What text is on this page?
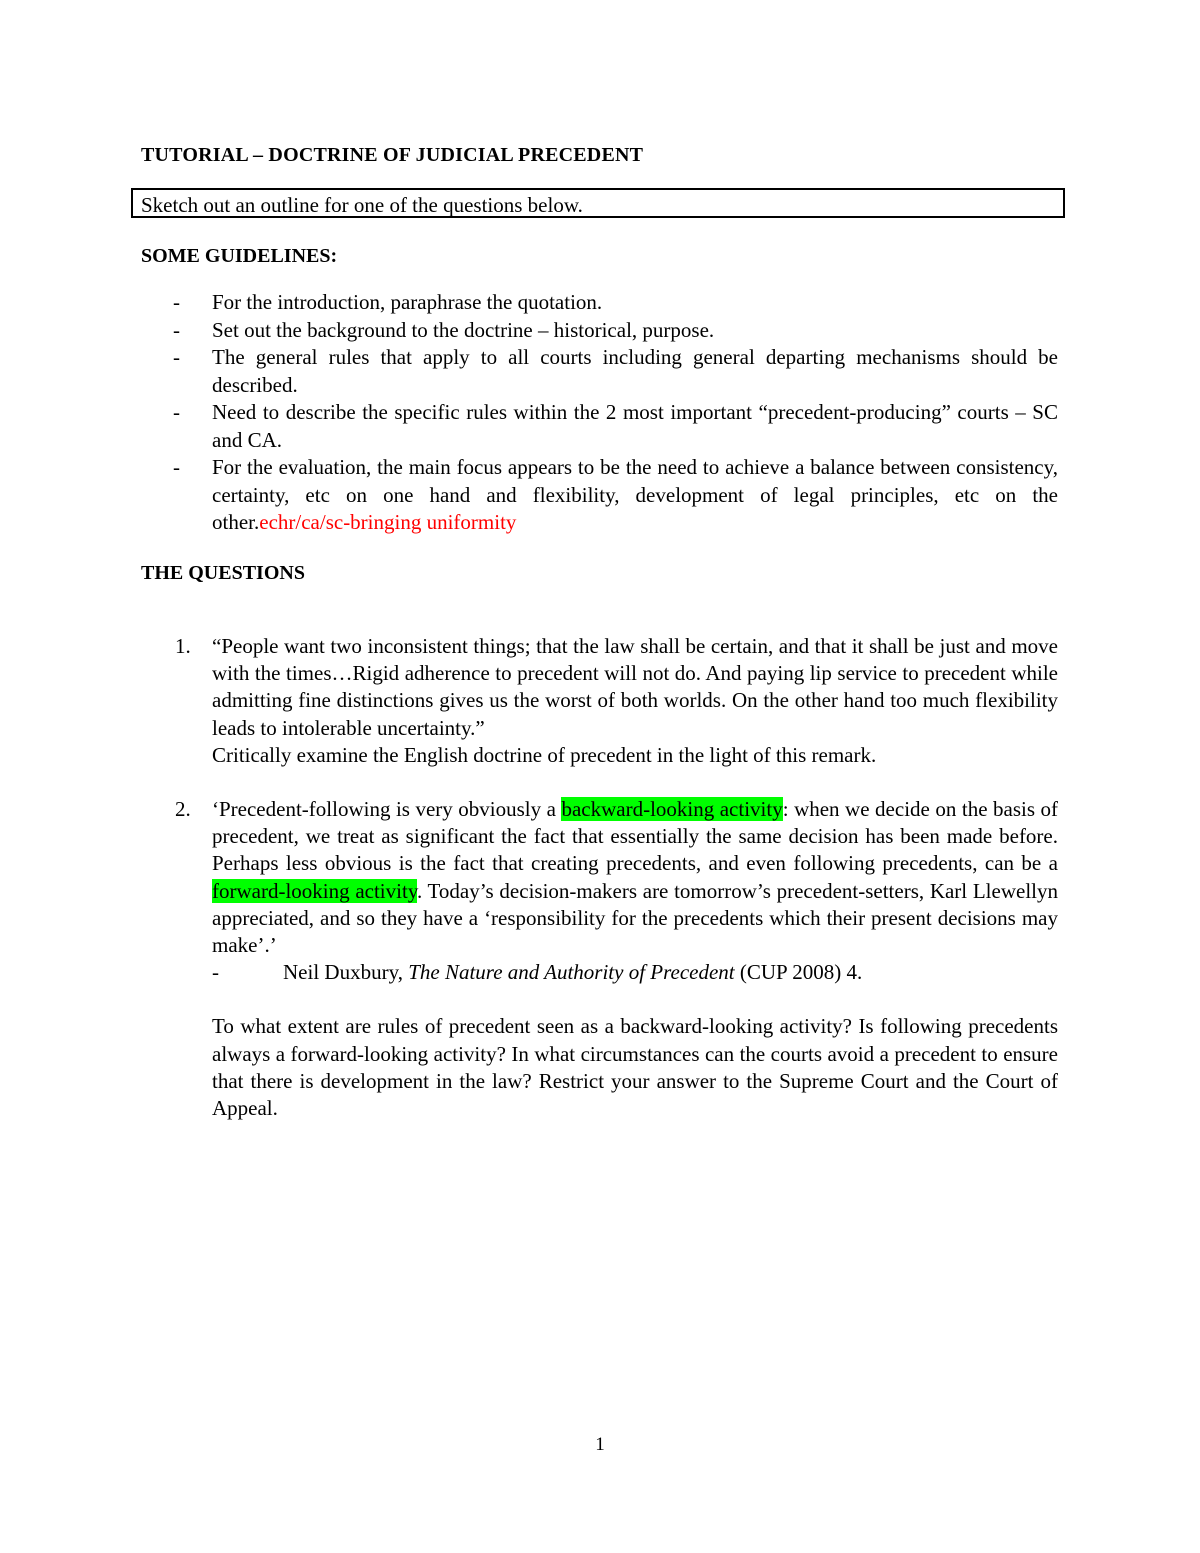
TUTORIAL – DOCTRINE OF JUDICIAL PRECEDENT
Sketch out an outline for one of the questions below.
SOME GUIDELINES:
- For the introduction, paraphrase the quotation.
- Set out the background to the doctrine – historical, purpose.
- The general rules that apply to all courts including general departing mechanisms should be described.
- Need to describe the specific rules within the 2 most important “precedent-producing” courts – SC and CA.
- For the evaluation, the main focus appears to be the need to achieve a balance between consistency, certainty, etc on one hand and flexibility, development of legal principles, etc on the other.echr/ca/sc-bringing uniformity
THE QUESTIONS
1. “People want two inconsistent things; that the law shall be certain, and that it shall be just and move with the times…Rigid adherence to precedent will not do. And paying lip service to precedent while admitting fine distinctions gives us the worst of both worlds. On the other hand too much flexibility leads to intolerable uncertainty.”
Critically examine the English doctrine of precedent in the light of this remark.
2. ‘Precedent-following is very obviously a backward-looking activity: when we decide on the basis of precedent, we treat as significant the fact that essentially the same decision has been made before. Perhaps less obvious is the fact that creating precedents, and even following precedents, can be a forward-looking activity. Today’s decision-makers are tomorrow’s precedent-setters, Karl Llewellyn appreciated, and so they have a ‘responsibility for the precedents which their present decisions may make’.’
-	Neil Duxbury, The Nature and Authority of Precedent (CUP 2008) 4.
To what extent are rules of precedent seen as a backward-looking activity? Is following precedents always a forward-looking activity? In what circumstances can the courts avoid a precedent to ensure that there is development in the law? Restrict your answer to the Supreme Court and the Court of Appeal.
1
